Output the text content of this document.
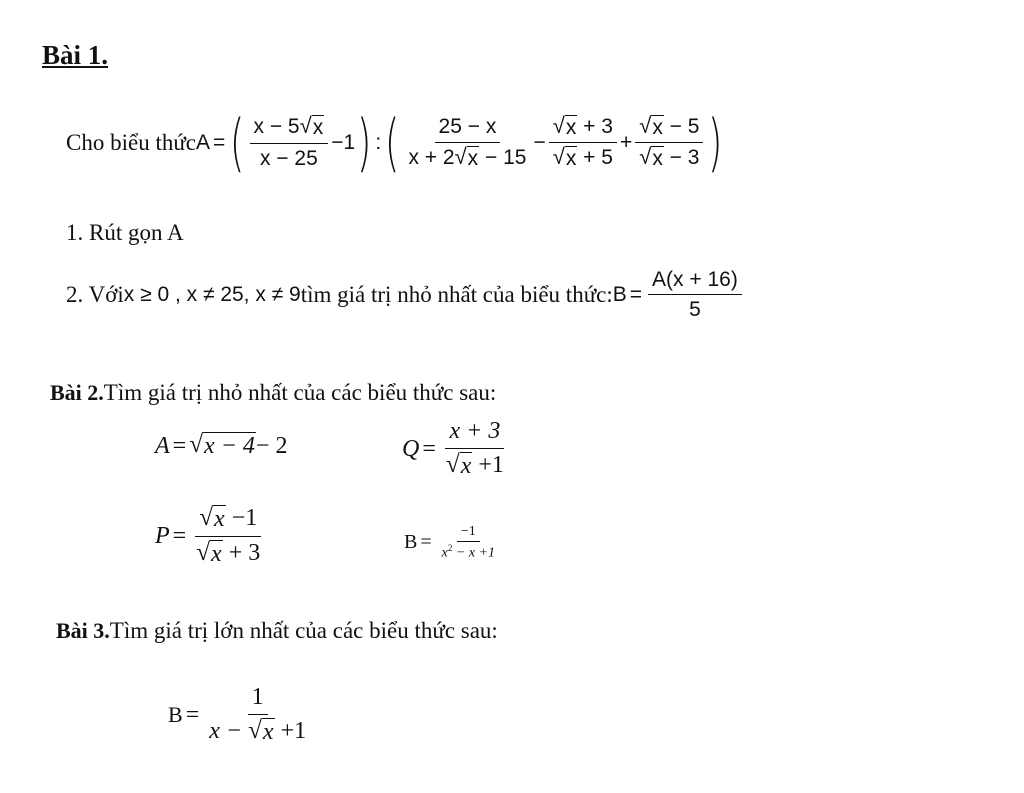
Bài 1.
Cho biểu thức A = ( $\frac{x - 5 √ x}{x - 25} -1$ ) : ( $\frac{25 - x}{x + 2 √ x - 15} - \frac{√ x + 3}{√ x + 5} + \frac{√ x - 5}{√ x - 3}$ )
1. Rút gọn A
2. Với x ≥ 0 , x ≠ 25, x ≠ 9 tìm giá trị nhỏ nhất của biểu thức: $B = \frac{A(x + 16)}{5}$
Bài 2. Tìm giá trị nhỏ nhất của các biểu thức sau:
A = √ x − 4 − 2	$Q = \frac{x + 3}{√ x +1}$
$P = \frac{√ x -1}{√ x + 3}$	$B = \frac{-1}{x^2 - x +1}$
Bài 3. Tìm giá trị lớn nhất của các biểu thức sau:
$B = \frac{1}{x - √ x +1}$
